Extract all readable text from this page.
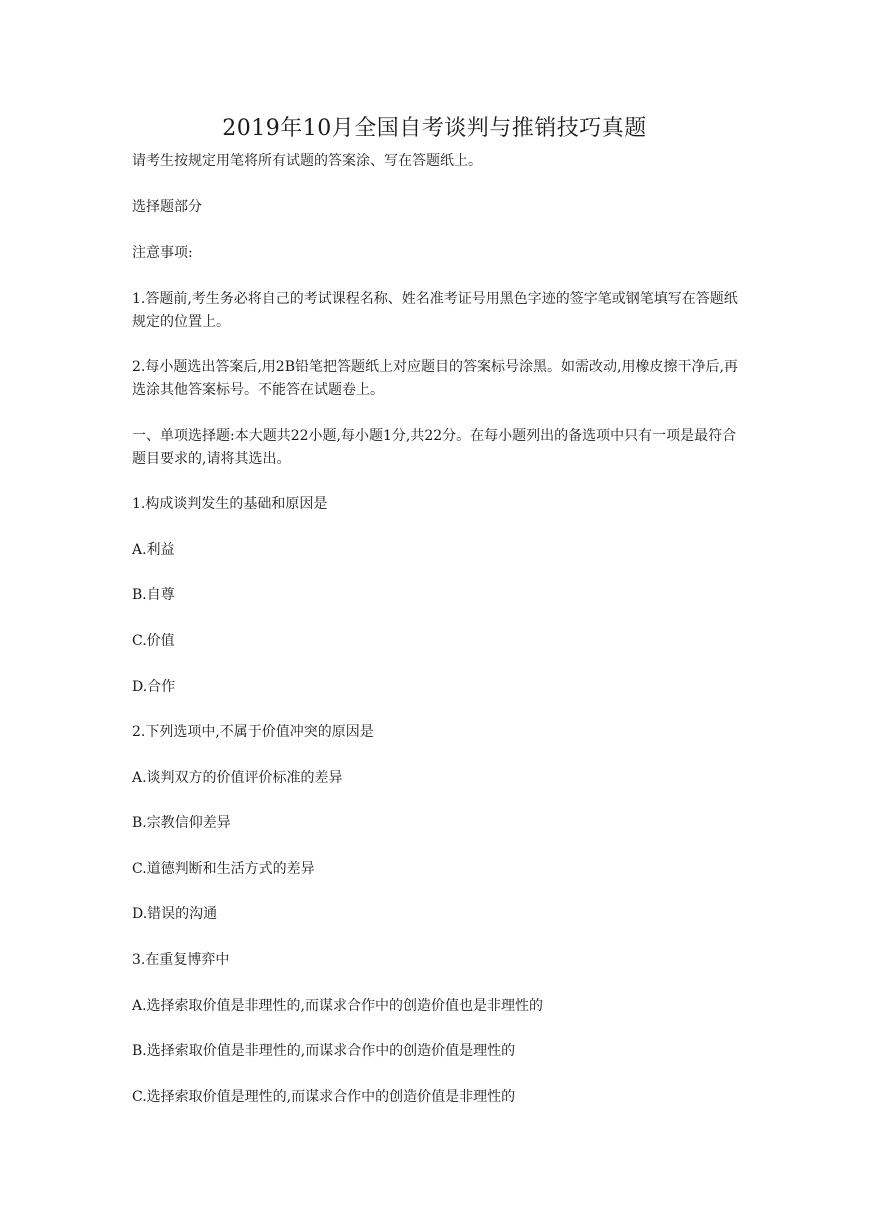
2019年10月全国自考谈判与推销技巧真题
请考生按规定用笔将所有试题的答案涂、写在答题纸上。
选择题部分
注意事项:
1.答题前,考生务必将自己的考试课程名称、姓名准考证号用黑色字迹的签字笔或钢笔填写在答题纸规定的位置上。
2.每小题选出答案后,用2B铅笔把答题纸上对应题目的答案标号涂黑。如需改动,用橡皮擦干净后,再选涂其他答案标号。不能答在试题卷上。
一、单项选择题:本大题共22小题,每小题1分,共22分。在每小题列出的备选项中只有一项是最符合题目要求的,请将其选出。
1.构成谈判发生的基础和原因是
A.利益
B.自尊
C.价值
D.合作
2.下列选项中,不属于价值冲突的原因是
A.谈判双方的价值评价标准的差异
B.宗教信仰差异
C.道德判断和生活方式的差异
D.错误的沟通
3.在重复博弈中
A.选择索取价值是非理性的,而谋求合作中的创造价值也是非理性的
B.选择索取价值是非理性的,而谋求合作中的创造价值是理性的
C.选择索取价值是理性的,而谋求合作中的创造价值是非理性的
